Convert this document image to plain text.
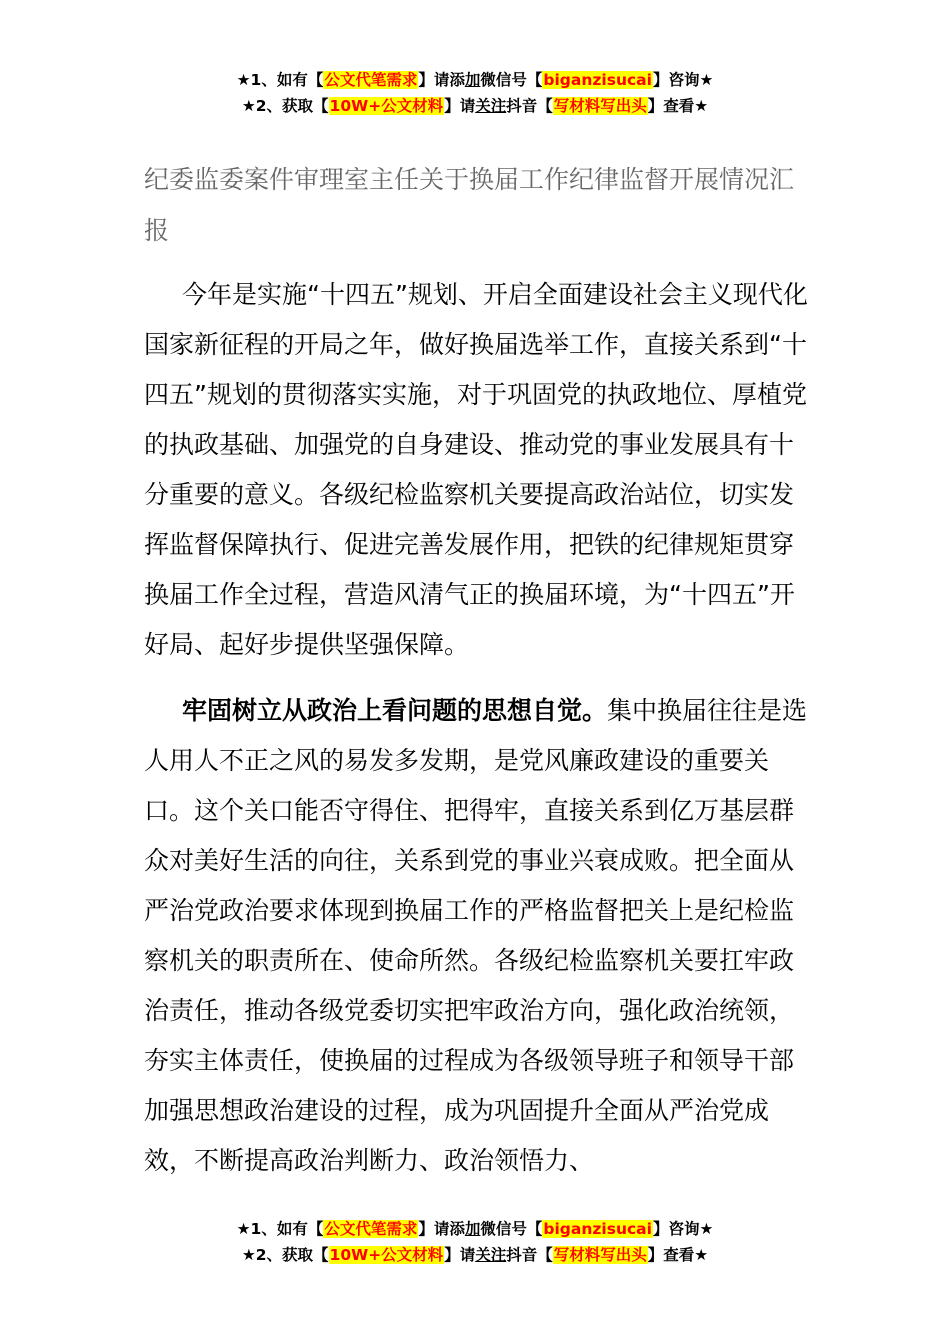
★1、如有【公文代笔需求】请添加微信号【biganzisucai】咨询★
★2、获取【10W+公文材料】请关注抖音【写材料写出头】查看★
纪委监委案件审理室主任关于换届工作纪律监督开展情况汇报

今年是实施“十四五”规划、开启全面建设社会主义现代化国家新征程的开局之年，做好换届选举工作，直接关系到“十四五”规划的贯彻落实实施，对于巩固党的执政地位、厚植党的执政基础、加强党的自身建设、推动党的事业发展具有十分重要的意义。各级纪检监察机关要提高政治站位，切实发挥监督保障执行、促进完善发展作用，把铁的纪律规矩贯穿换届工作全过程，营造风清气正的换届环境，为“十四五”开好局、起好步提供坚强保障。

牢固树立从政治上看问题的思想自觉。集中换届往往是选人用人不正之风的易发多发期，是党风廉政建设的重要关口。这个关口能否守得住、把得牢，直接关系到亿万基层群众对美好生活的向往，关系到党的事业兴衰成败。把全面从严治党政治要求体现到换届工作的严格监督把关上是纪检监察机关的职责所在、使命所然。各级纪检监察机关要扛牢政治责任，推动各级党委切实把牢政治方向，强化政治统领，夯实主体责任，使换届的过程成为各级领导班子和领导干部加强思想政治建设的过程，成为巩固提升全面从严治党成效，不断提高政治判断力、政治领悟力、

★1、如有【公文代笔需求】请添加微信号【biganzisucai】咨询★
★2、获取【10W+公文材料】请关注抖音【写材料写出头】查看★
